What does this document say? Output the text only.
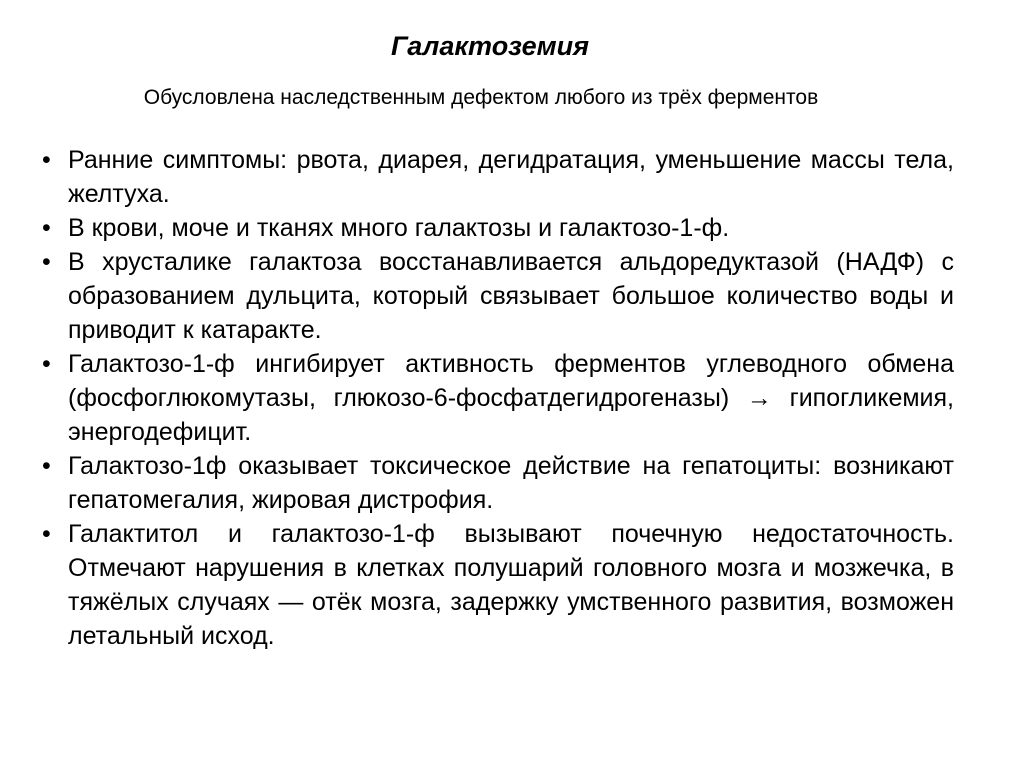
Галактоземия

Обусловлена наследственным дефектом любого из трёх ферментов

• Ранние симптомы: рвота, диарея, дегидратация, уменьшение массы тела, желтуха.
• В крови, моче и тканях много галактозы и галактозо-1-ф.
• В хрусталике галактоза восстанавливается альдоредуктазой (НАДФ) с образованием дульцита, который связывает большое количество воды и приводит к катаракте.
• Галактозо-1-ф ингибирует активность ферментов углеводного обмена (фосфоглюкомутазы, глюкозо-6-фосфатдегидрогеназы) → гипогликемия, энергодефицит.
• Галактозо-1ф оказывает токсическое действие на гепатоциты: возникают гепатомегалия, жировая дистрофия.
• Галактитол и галактозо-1-ф вызывают почечную недостаточность. Отмечают нарушения в клетках полушарий головного мозга и мозжечка, в тяжёлых случаях — отёк мозга, задержку умственного развития, возможен летальный исход.
